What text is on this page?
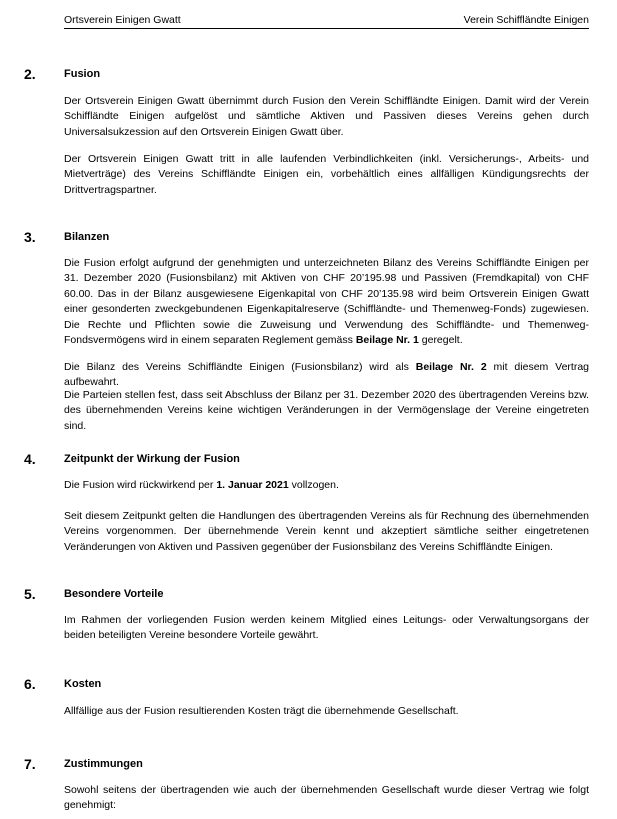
Ortsverein Einigen Gwatt	Verein Schiffländte Einigen
2.	Fusion

Der Ortsverein Einigen Gwatt übernimmt durch Fusion den Verein Schiffländte Einigen. Damit wird der Verein Schiffländte Einigen aufgelöst und sämtliche Aktiven und Passiven dieses Vereins gehen durch Universalsukzession auf den Ortsverein Einigen Gwatt über.

Der Ortsverein Einigen Gwatt tritt in alle laufenden Verbindlichkeiten (inkl. Versicherungs-, Arbeits- und Mietverträge) des Vereins Schiffländte Einigen ein, vorbehältlich eines allfälligen Kündigungsrechts der Drittvertragspartner.

3.	Bilanzen

Die Fusion erfolgt aufgrund der genehmigten und unterzeichneten Bilanz des Vereins Schiffländte Einigen per 31. Dezember 2020 (Fusionsbilanz) mit Aktiven von CHF 20’195.98 und Passiven (Fremdkapital) von CHF 60.00. Das in der Bilanz ausgewiesene Eigenkapital von CHF 20’135.98 wird beim Ortsverein Einigen Gwatt einer gesonderten zweckgebundenen Eigenkapitalreserve (Schiffländte- und Themenweg-Fonds) zugewiesen. Die Rechte und Pflichten sowie die Zuweisung und Verwendung des Schiffländte- und Themenweg-Fondsvermögens wird in einem separaten Reglement gemäss Beilage Nr. 1 geregelt.

Die Bilanz des Vereins Schiffländte Einigen (Fusionsbilanz) wird als Beilage Nr. 2 mit diesem Vertrag aufbewahrt.

Die Parteien stellen fest, dass seit Abschluss der Bilanz per 31. Dezember 2020 des übertragenden Vereins bzw. des übernehmenden Vereins keine wichtigen Veränderungen in der Vermögenslage der Vereine eingetreten sind.

4.	Zeitpunkt der Wirkung der Fusion

Die Fusion wird rückwirkend per 1. Januar 2021 vollzogen.

Seit diesem Zeitpunkt gelten die Handlungen des übertragenden Vereins als für Rechnung des übernehmenden Vereins vorgenommen. Der übernehmende Verein kennt und akzeptiert sämtliche seither eingetretenen Veränderungen von Aktiven und Passiven gegenüber der Fusionsbilanz des Vereins Schiffländte Einigen.

5.	Besondere Vorteile

Im Rahmen der vorliegenden Fusion werden keinem Mitglied eines Leitungs- oder Verwaltungsorgans der beiden beteiligten Vereine besondere Vorteile gewährt.

6.	Kosten

Allfällige aus der Fusion resultierenden Kosten trägt die übernehmende Gesellschaft.

7.	Zustimmungen

Sowohl seitens der übertragenden wie auch der übernehmenden Gesellschaft wurde dieser Vertrag wie folgt genehmigt:
